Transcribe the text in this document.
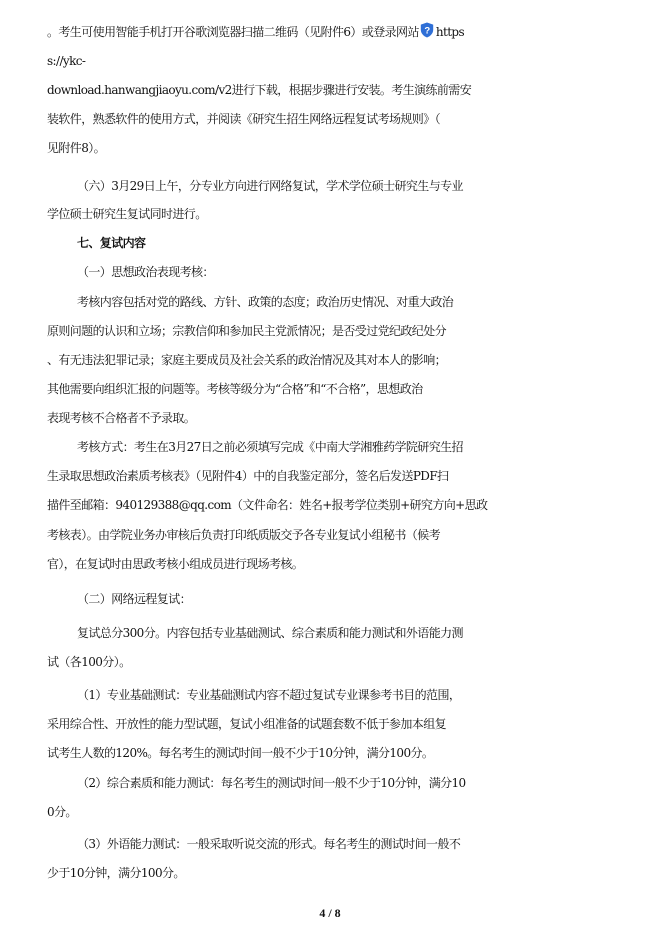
。考生可使用智能手机打开谷歌浏览器扫描二维码（见附件6）或登录网站 ? https
s://ykc-
download.hanwangjiaoyu.com/v2进行下载，根据步骤进行安装。考生演练前需安
装软件，熟悉软件的使用方式，并阅读《研究生招生网络远程复试考场规则》（
见附件8）。
（六）3月29日上午，分专业方向进行网络复试，学术学位硕士研究生与专业
学位硕士研究生复试同时进行。
七、复试内容
（一）思想政治表现考核：
考核内容包括对党的路线、方针、政策的态度；政治历史情况、对重大政治
原则问题的认识和立场；宗教信仰和参加民主党派情况；是否受过党纪政纪处分
、有无违法犯罪记录；家庭主要成员及社会关系的政治情况及其对本人的影响；
其他需要向组织汇报的问题等。考核等级分为“合格”和“不合格”，思想政治
表现考核不合格者不予录取。
考核方式：考生在3月27日之前必须填写完成《中南大学湘雅药学院研究生招
生录取思想政治素质考核表》（见附件4）中的自我鉴定部分，签名后发送PDF扫
描件至邮箱：940129388@qq.com（文件命名：姓名+报考学位类别+研究方向+思政
考核表）。由学院业务办审核后负责打印纸质版交予各专业复试小组秘书（候考
官），在复试时由思政考核小组成员进行现场考核。
（二）网络远程复试：
复试总分300分。内容包括专业基础测试、综合素质和能力测试和外语能力测
试（各100分）。
（1）专业基础测试：专业基础测试内容不超过复试专业课参考书目的范围，
采用综合性、开放性的能力型试题，复试小组准备的试题套数不低于参加本组复
试考生人数的120%。每名考生的测试时间一般不少于10分钟，满分100分。
（2）综合素质和能力测试：每名考生的测试时间一般不少于10分钟，满分10
0分。
（3）外语能力测试：一般采取听说交流的形式。每名考生的测试时间一般不
少于10分钟，满分100分。
4 / 8
